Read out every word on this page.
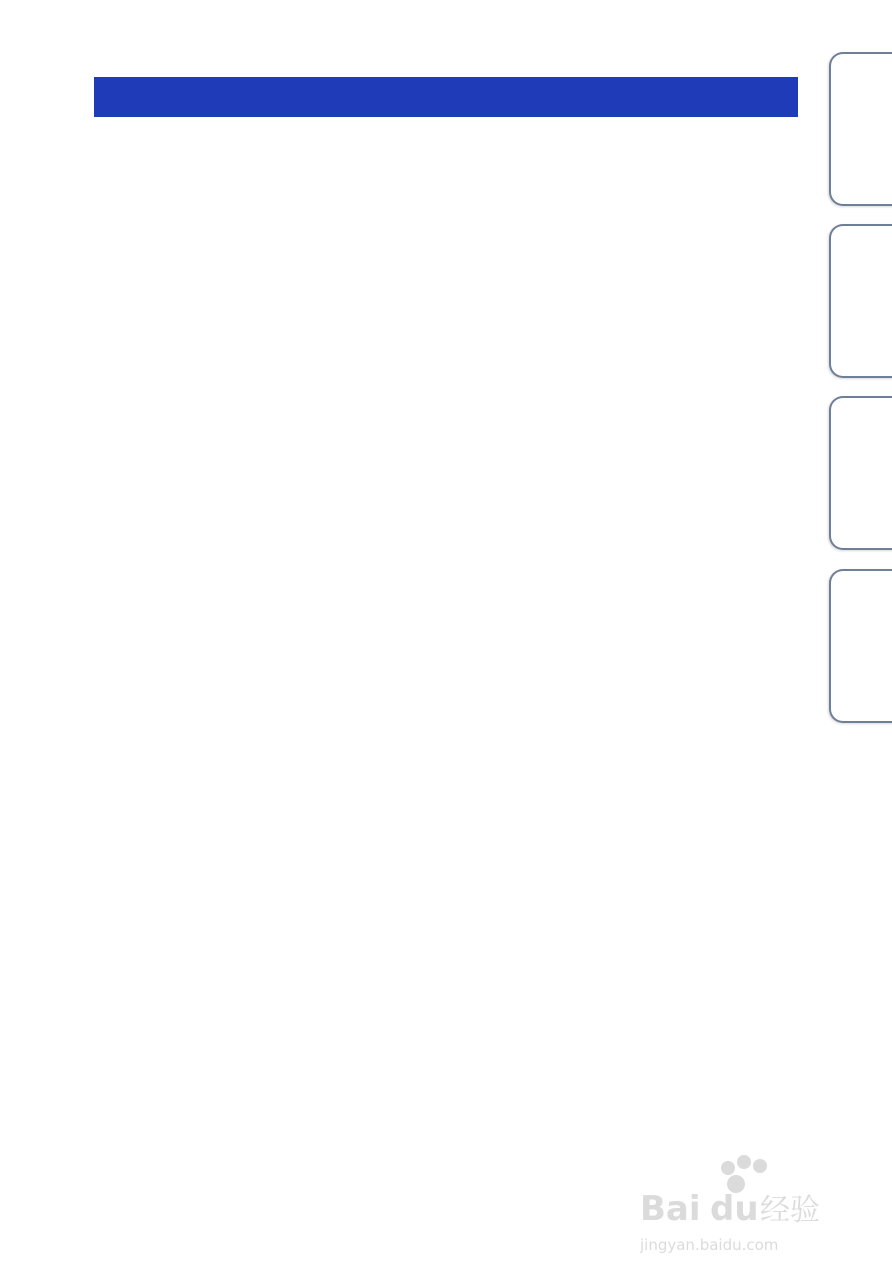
Bai du 经验
jingyan.baidu.com
